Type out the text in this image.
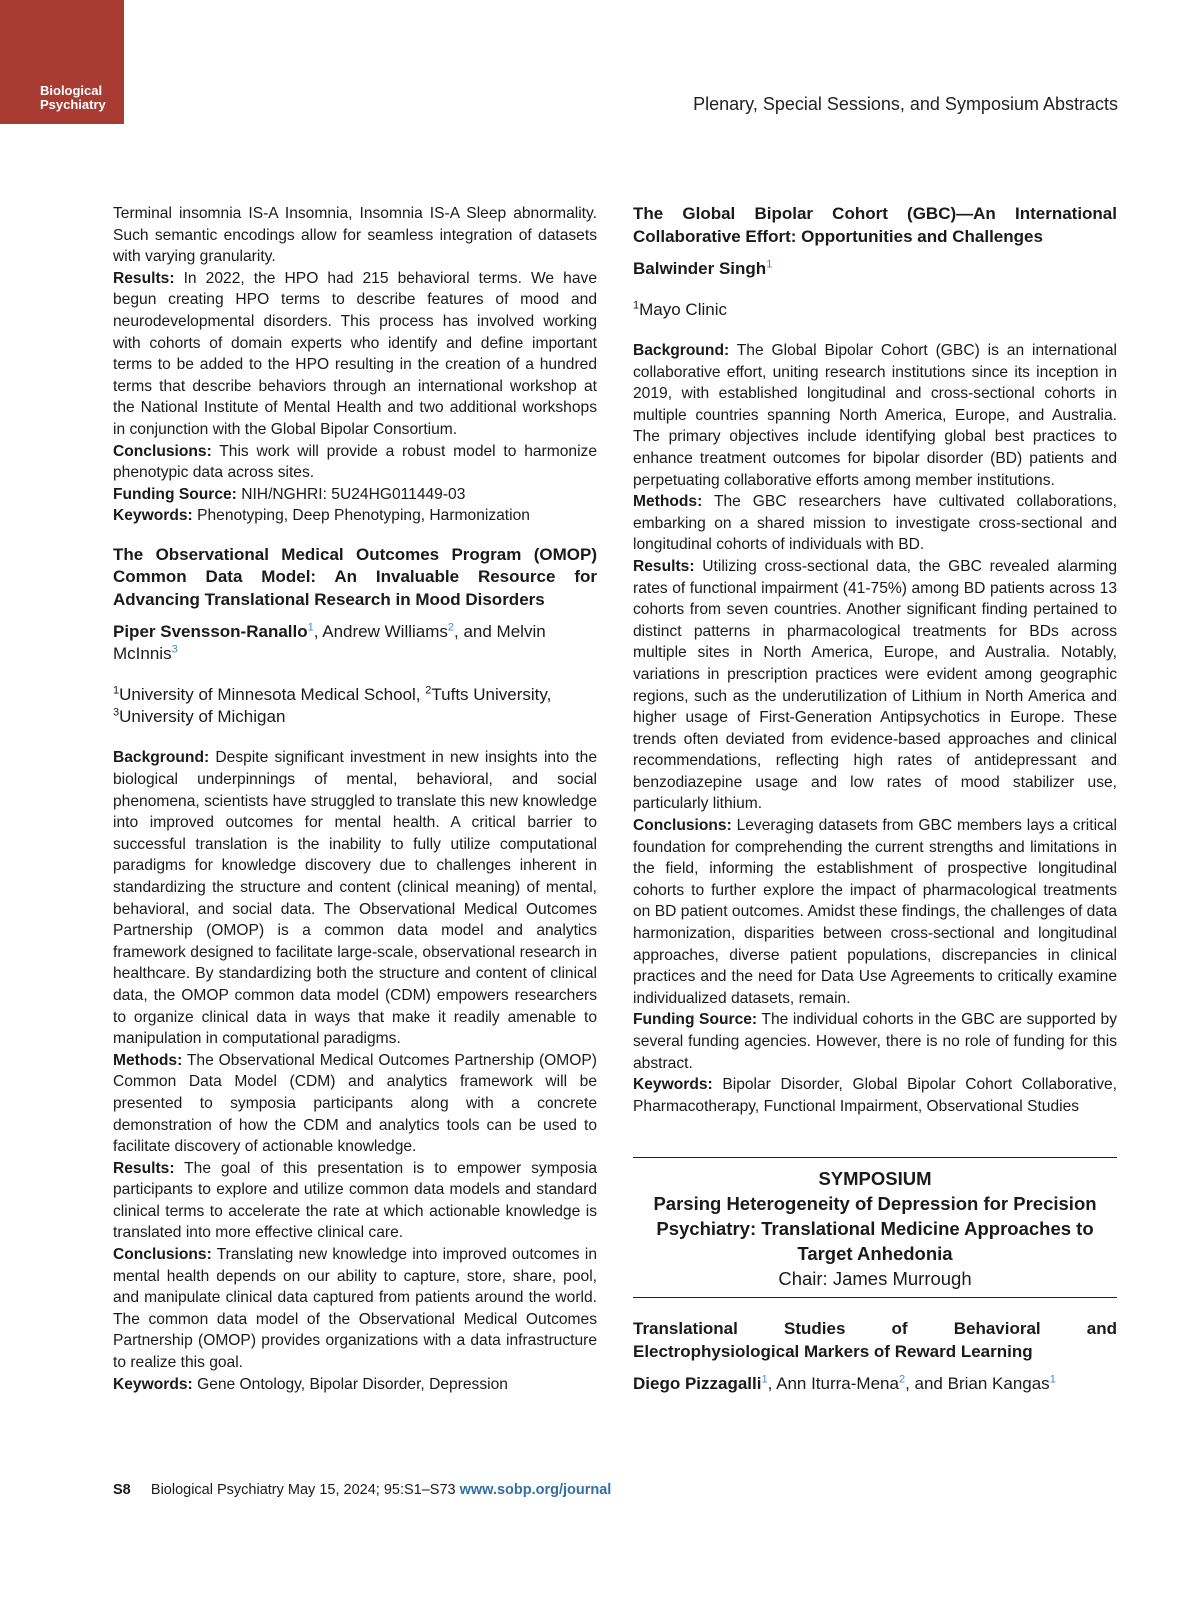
Biological Psychiatry	Plenary, Special Sessions, and Symposium Abstracts

Terminal insomnia IS-A Insomnia, Insomnia IS-A Sleep abnormality. Such semantic encodings allow for seamless integration of datasets with varying granularity.

Results: In 2022, the HPO had 215 behavioral terms. We have begun creating HPO terms to describe features of mood and neurodevelopmental disorders. This process has involved working with cohorts of domain experts who identify and define important terms to be added to the HPO resulting in the creation of a hundred terms that describe behaviors through an international workshop at the National Institute of Mental Health and two additional workshops in conjunction with the Global Bipolar Consortium.

Conclusions: This work will provide a robust model to harmonize phenotypic data across sites.

Funding Source: NIH/NGHRI: 5U24HG011449-03

Keywords: Phenotyping, Deep Phenotyping, Harmonization

The Observational Medical Outcomes Program (OMOP) Common Data Model: An Invaluable Resource for Advancing Translational Research in Mood Disorders
Piper Svensson-Ranallo$^1$, Andrew Williams$^2$, and Melvin McInnis$^3$
$^1$University of Minnesota Medical School, $^2$Tufts University, $^3$University of Michigan

Background: Despite significant investment in new insights into the biological underpinnings of mental, behavioral, and social phenomena, scientists have struggled to translate this new knowledge into improved outcomes for mental health. A critical barrier to successful translation is the inability to fully utilize computational paradigms for knowledge discovery due to challenges inherent in standardizing the structure and content (clinical meaning) of mental, behavioral, and social data. The Observational Medical Outcomes Partnership (OMOP) is a common data model and analytics framework designed to facilitate large-scale, observational research in healthcare. By standardizing both the structure and content of clinical data, the OMOP common data model (CDM) empowers researchers to organize clinical data in ways that make it readily amenable to manipulation in computational paradigms.

Methods: The Observational Medical Outcomes Partnership (OMOP) Common Data Model (CDM) and analytics framework will be presented to symposia participants along with a concrete demonstration of how the CDM and analytics tools can be used to facilitate discovery of actionable knowledge.

Results: The goal of this presentation is to empower symposia participants to explore and utilize common data models and standard clinical terms to accelerate the rate at which actionable knowledge is translated into more effective clinical care.

Conclusions: Translating new knowledge into improved outcomes in mental health depends on our ability to capture, store, share, pool, and manipulate clinical data captured from patients around the world. The common data model of the Observational Medical Outcomes Partnership (OMOP) provides organizations with a data infrastructure to realize this goal.

Keywords: Gene Ontology, Bipolar Disorder, Depression

The Global Bipolar Cohort (GBC)—An International Collaborative Effort: Opportunities and Challenges
Balwinder Singh$^1$
$^1$Mayo Clinic

Background: The Global Bipolar Cohort (GBC) is an international collaborative effort, uniting research institutions since its inception in 2019, with established longitudinal and cross-sectional cohorts in multiple countries spanning North America, Europe, and Australia. The primary objectives include identifying global best practices to enhance treatment outcomes for bipolar disorder (BD) patients and perpetuating collaborative efforts among member institutions.

Methods: The GBC researchers have cultivated collaborations, embarking on a shared mission to investigate cross-sectional and longitudinal cohorts of individuals with BD.

Results: Utilizing cross-sectional data, the GBC revealed alarming rates of functional impairment (41-75%) among BD patients across 13 cohorts from seven countries. Another significant finding pertained to distinct patterns in pharmacological treatments for BDs across multiple sites in North America, Europe, and Australia. Notably, variations in prescription practices were evident among geographic regions, such as the underutilization of Lithium in North America and higher usage of First-Generation Antipsychotics in Europe. These trends often deviated from evidence-based approaches and clinical recommendations, reflecting high rates of antidepressant and benzodiazepine usage and low rates of mood stabilizer use, particularly lithium.

Conclusions: Leveraging datasets from GBC members lays a critical foundation for comprehending the current strengths and limitations in the field, informing the establishment of prospective longitudinal cohorts to further explore the impact of pharmacological treatments on BD patient outcomes. Amidst these findings, the challenges of data harmonization, disparities between cross-sectional and longitudinal approaches, diverse patient populations, discrepancies in clinical practices and the need for Data Use Agreements to critically examine individualized datasets, remain.

Funding Source: The individual cohorts in the GBC are supported by several funding agencies. However, there is no role of funding for this abstract.

Keywords: Bipolar Disorder, Global Bipolar Cohort Collaborative, Pharmacotherapy, Functional Impairment, Observational Studies

SYMPOSIUM
Parsing Heterogeneity of Depression for Precision Psychiatry: Translational Medicine Approaches to Target Anhedonia
Chair: James Murrough
Translational Studies of Behavioral and Electrophysiological Markers of Reward Learning
Diego Pizzagalli$^1$, Ann Iturra-Mena$^2$, and Brian Kangas$^1$
S8 Biological Psychiatry May 15, 2024; 95:S1–S73 www.sobp.org/journal
